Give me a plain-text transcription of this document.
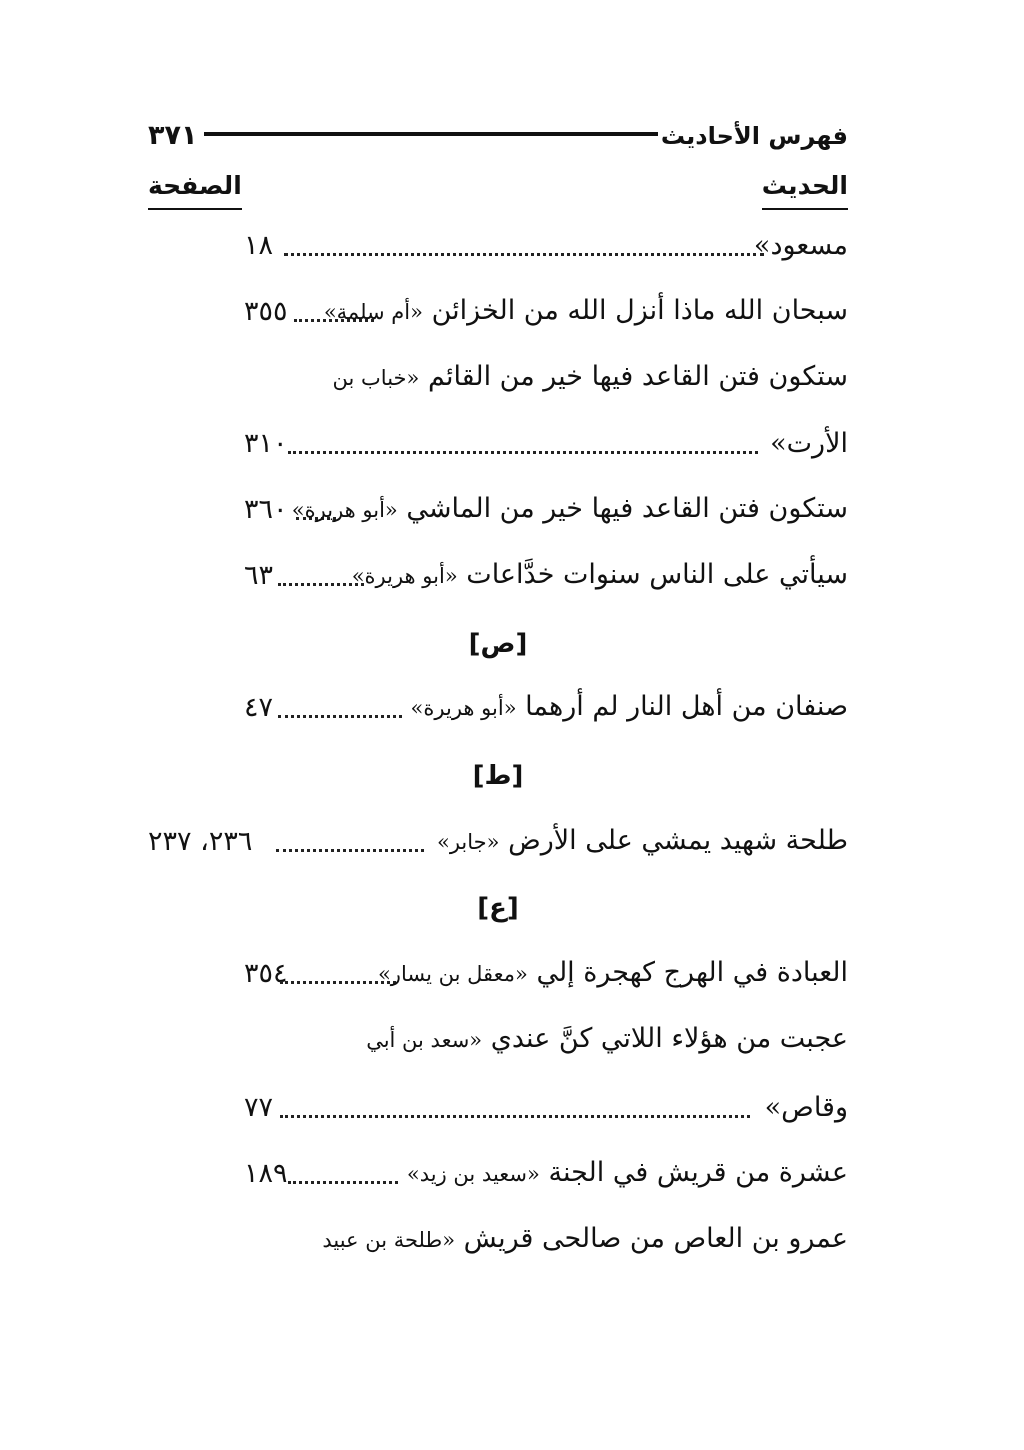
٣٧١	فهرس الأحاديث
الحديث
الصفحة
١٨	مسعود»
٣٥٥	سبحان الله ماذا أنزل الله من الخزائن «أم سلمة»
ستكون فتن القاعد فيها خير من القائم «خباب بن
٣١٠	الأرت»
٣٦٠	ستكون فتن القاعد فيها خير من الماشي «أبو هريرة»
٦٣	سيأتي على الناس سنوات خدَّاعات «أبو هريرة»
[ص]
٤٧	صنفان من أهل النار لم أرهما «أبو هريرة»
[ط]
٢٣٦، ٢٣٧	طلحة شهيد يمشي على الأرض «جابر»
[ع]
٣٥٤	العبادة في الهرج كهجرة إلي «معقل بن يسار»
عجبت من هؤلاء اللاتي كنَّ عندي «سعد بن أبي
٧٧	وقاص»
١٨٩	عشرة من قريش في الجنة «سعيد بن زيد»
عمرو بن العاص من صالحى قريش «طلحة بن عبيد
